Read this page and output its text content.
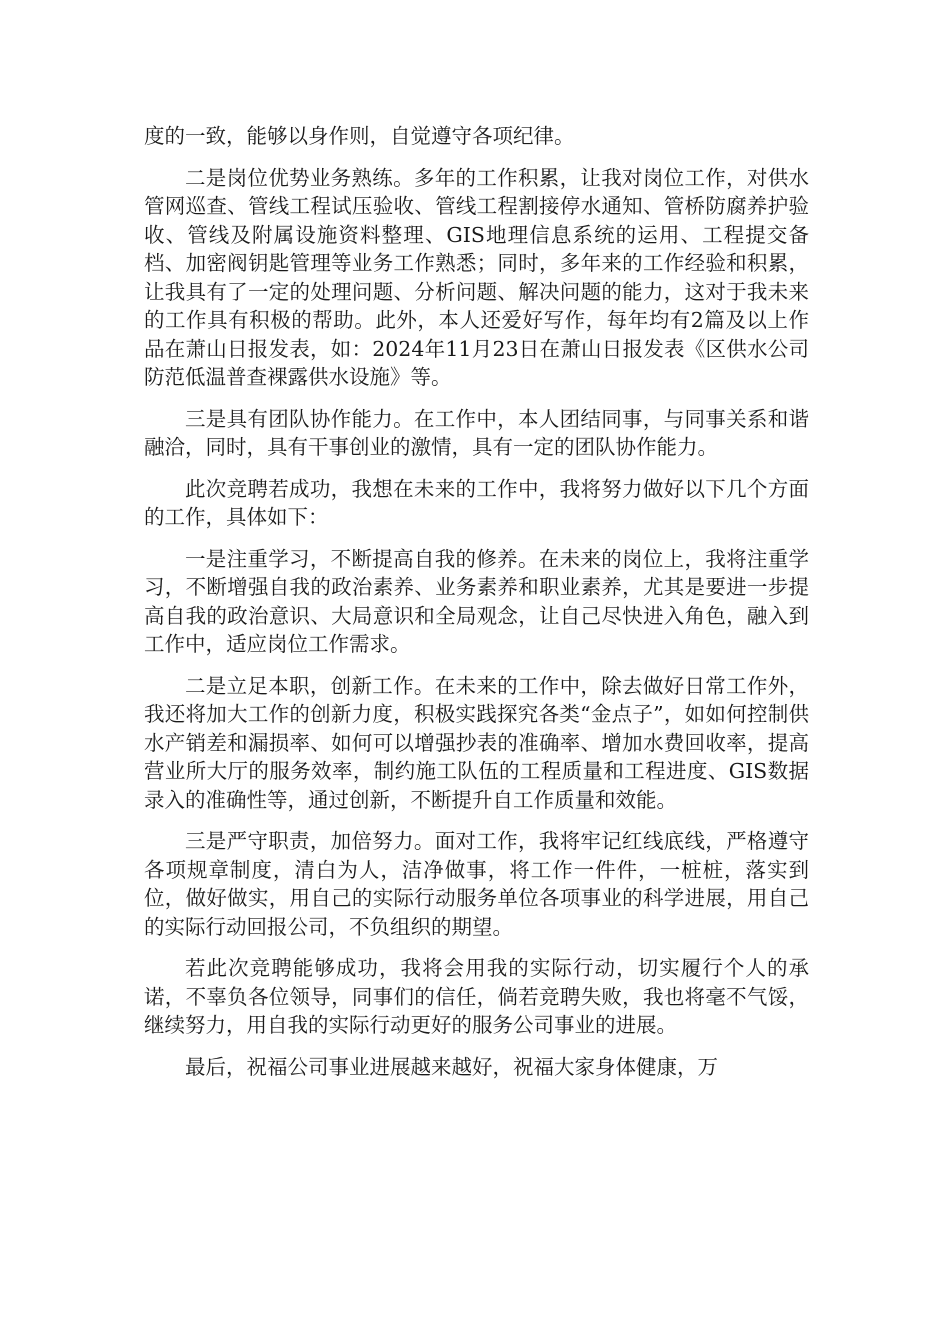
度的一致，能够以身作则，自觉遵守各项纪律。

二是岗位优势业务熟练。多年的工作积累，让我对岗位工作，对供水管网巡查、管线工程试压验收、管线工程割接停水通知、管桥防腐养护验收、管线及附属设施资料整理、GIS地理信息系统的运用、工程提交备档、加密阀钥匙管理等业务工作熟悉；同时，多年来的工作经验和积累，让我具有了一定的处理问题、分析问题、解决问题的能力，这对于我未来的工作具有积极的帮助。此外，本人还爱好写作，每年均有2篇及以上作品在萧山日报发表，如：2024年11月23日在萧山日报发表《区供水公司防范低温普查裸露供水设施》等。

三是具有团队协作能力。在工作中，本人团结同事，与同事关系和谐融洽，同时，具有干事创业的激情，具有一定的团队协作能力。

此次竞聘若成功，我想在未来的工作中，我将努力做好以下几个方面的工作，具体如下：

一是注重学习，不断提高自我的修养。在未来的岗位上，我将注重学习，不断增强自我的政治素养、业务素养和职业素养，尤其是要进一步提高自我的政治意识、大局意识和全局观念，让自己尽快进入角色，融入到工作中，适应岗位工作需求。

二是立足本职，创新工作。在未来的工作中，除去做好日常工作外，我还将加大工作的创新力度，积极实践探究各类“金点子”，如如何控制供水产销差和漏损率、如何可以增强抄表的准确率、增加水费回收率，提高营业所大厅的服务效率，制约施工队伍的工程质量和工程进度、GIS数据录入的准确性等，通过创新，不断提升自工作质量和效能。

三是严守职责，加倍努力。面对工作，我将牢记红线底线，严格遵守各项规章制度，清白为人，洁净做事，将工作一件件，一桩桩，落实到位，做好做实，用自己的实际行动服务单位各项事业的科学进展，用自己的实际行动回报公司，不负组织的期望。

若此次竞聘能够成功，我将会用我的实际行动，切实履行个人的承诺，不辜负各位领导，同事们的信任，倘若竞聘失败，我也将毫不气馁，继续努力，用自我的实际行动更好的服务公司事业的进展。

最后，祝福公司事业进展越来越好，祝福大家身体健康，万
